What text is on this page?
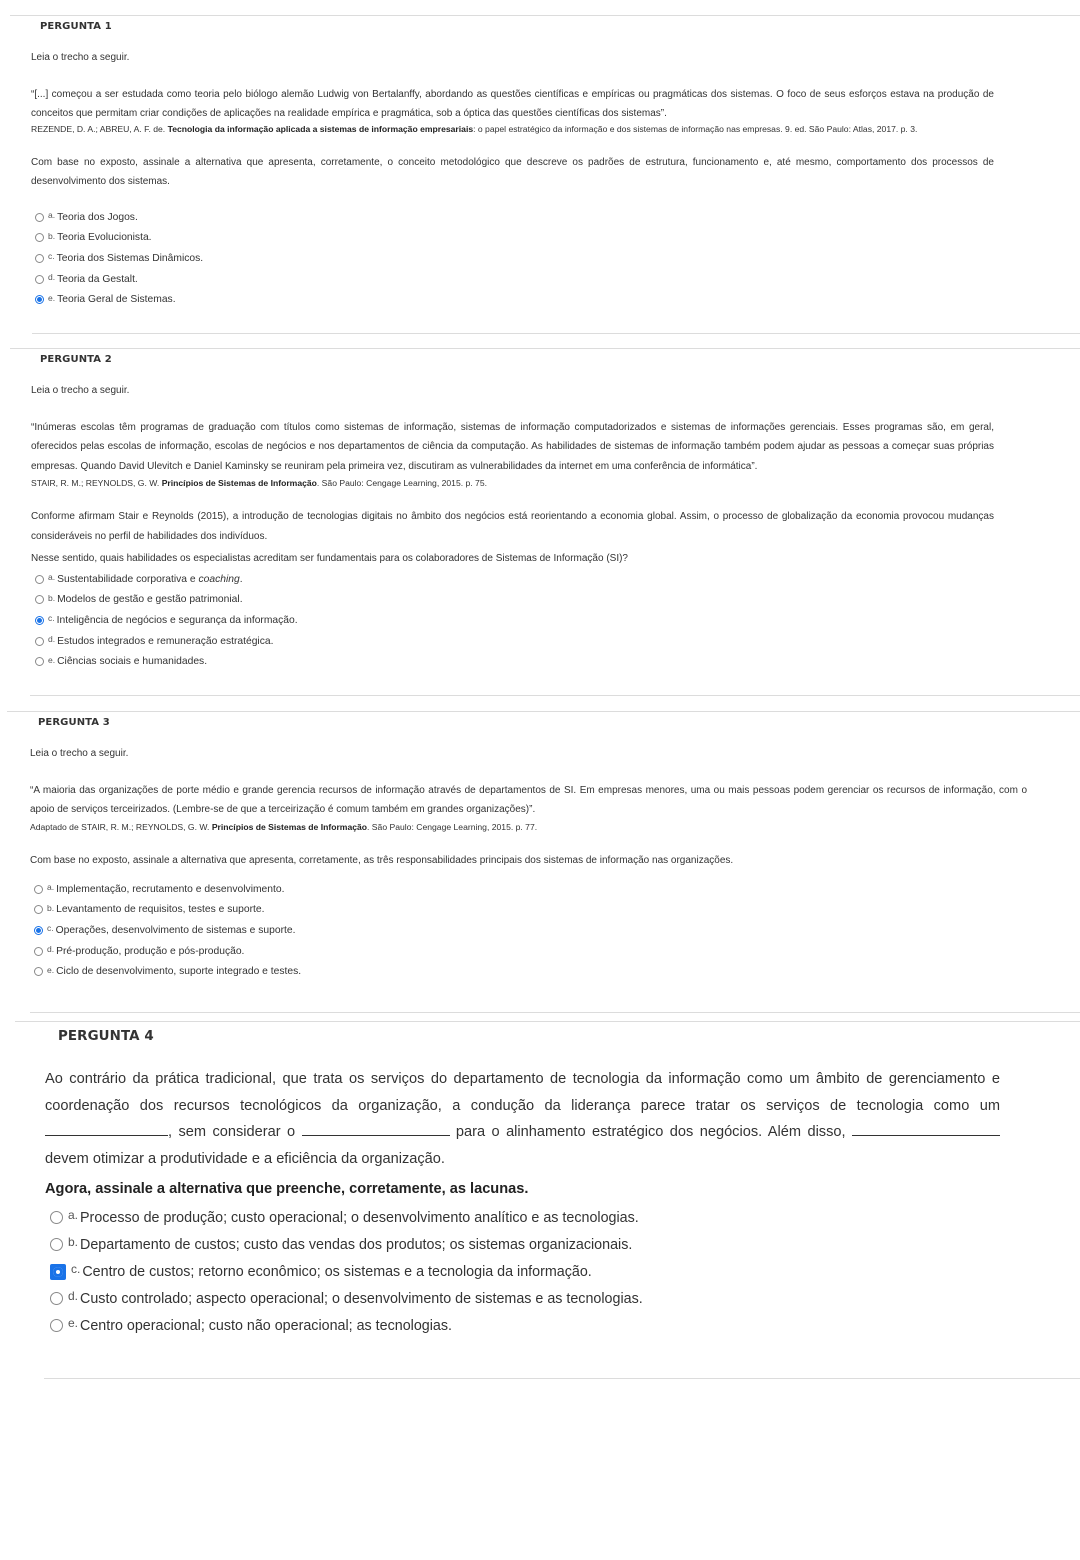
PERGUNTA 1
Leia o trecho a seguir.
“[...] começou a ser estudada como teoria pelo biólogo alemão Ludwig von Bertalanffy, abordando as questões científicas e empíricas ou pragmáticas dos sistemas. O foco de seus esforços estava na produção de conceitos que permitam criar condições de aplicações na realidade empírica e pragmática, sob a óptica das questões científicas dos sistemas”.
REZENDE, D. A.; ABREU, A. F. de. Tecnologia da informação aplicada a sistemas de informação empresariais: o papel estratégico da informação e dos sistemas de informação nas empresas. 9. ed. São Paulo: Atlas, 2017. p. 3.
Com base no exposto, assinale a alternativa que apresenta, corretamente, o conceito metodológico que descreve os padrões de estrutura, funcionamento e, até mesmo, comportamento dos processos de desenvolvimento dos sistemas.
a. Teoria dos Jogos.
b. Teoria Evolucionista.
c. Teoria dos Sistemas Dinâmicos.
d. Teoria da Gestalt.
e. Teoria Geral de Sistemas.
PERGUNTA 2
Leia o trecho a seguir.
“Inúmeras escolas têm programas de graduação com títulos como sistemas de informação, sistemas de informação computadorizados e sistemas de informações gerenciais. Esses programas são, em geral, oferecidos pelas escolas de informação, escolas de negócios e nos departamentos de ciência da computação. As habilidades de sistemas de informação também podem ajudar as pessoas a começar suas próprias empresas. Quando David Ulevitch e Daniel Kaminsky se reuniram pela primeira vez, discutiram as vulnerabilidades da internet em uma conferência de informática”.
STAIR, R. M.; REYNOLDS, G. W. Princípios de Sistemas de Informação. São Paulo: Cengage Learning, 2015. p. 75.
Conforme afirmam Stair e Reynolds (2015), a introdução de tecnologias digitais no âmbito dos negócios está reorientando a economia global. Assim, o processo de globalização da economia provocou mudanças consideráveis no perfil de habilidades dos indivíduos.
Nesse sentido, quais habilidades os especialistas acreditam ser fundamentais para os colaboradores de Sistemas de Informação (SI)?
a. Sustentabilidade corporativa e coaching.
b. Modelos de gestão e gestão patrimonial.
c. Inteligência de negócios e segurança da informação.
d. Estudos integrados e remuneração estratégica.
e. Ciências sociais e humanidades.
PERGUNTA 3
Leia o trecho a seguir.
“A maioria das organizações de porte médio e grande gerencia recursos de informação através de departamentos de SI. Em empresas menores, uma ou mais pessoas podem gerenciar os recursos de informação, com o apoio de serviços terceirizados. (Lembre-se de que a terceirização é comum também em grandes organizações)”.
Adaptado de STAIR, R. M.; REYNOLDS, G. W. Princípios de Sistemas de Informação. São Paulo: Cengage Learning, 2015. p. 77.
Com base no exposto, assinale a alternativa que apresenta, corretamente, as três responsabilidades principais dos sistemas de informação nas organizações.
a. Implementação, recrutamento e desenvolvimento.
b. Levantamento de requisitos, testes e suporte.
c. Operações, desenvolvimento de sistemas e suporte.
d. Pré-produção, produção e pós-produção.
e. Ciclo de desenvolvimento, suporte integrado e testes.
PERGUNTA 4
Ao contrário da prática tradicional, que trata os serviços do departamento de tecnologia da informação como um âmbito de gerenciamento e coordenação dos recursos tecnológicos da organização, a condução da liderança parece tratar os serviços de tecnologia como um , sem considerar o	para o alinhamento estratégico dos negócios. Além disso,  devem otimizar a produtividade e a eficiência da organização.
Agora, assinale a alternativa que preenche, corretamente, as lacunas.
a. Processo de produção; custo operacional; o desenvolvimento analítico e as tecnologias.
b. Departamento de custos; custo das vendas dos produtos; os sistemas organizacionais.
c. Centro de custos; retorno econômico; os sistemas e a tecnologia da informação.
d. Custo controlado; aspecto operacional; o desenvolvimento de sistemas e as tecnologias.
e. Centro operacional; custo não operacional; as tecnologias.
